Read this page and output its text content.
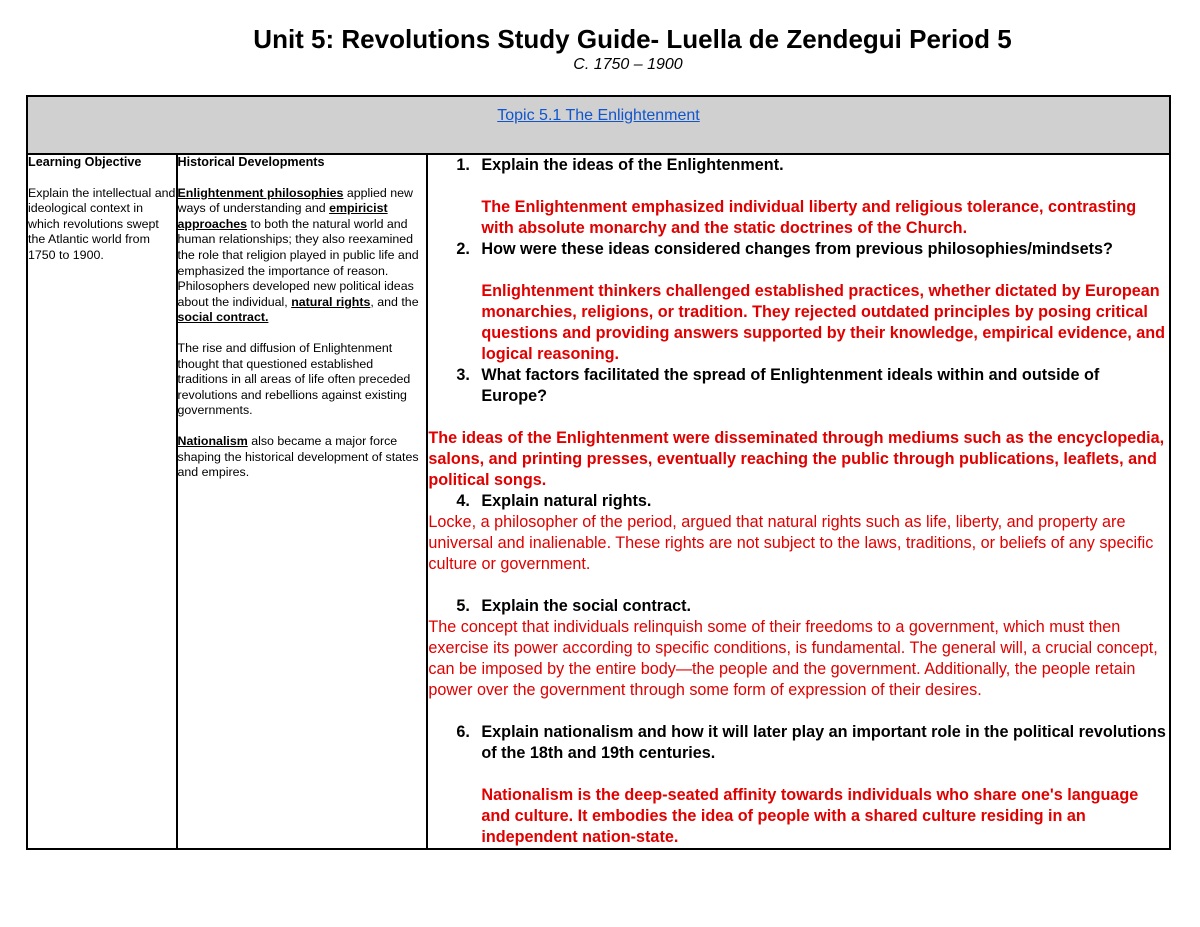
Unit 5: Revolutions Study Guide- Luella de Zendegui Period 5
C. 1750 – 1900
Topic 5.1 The Enlightenment

Learning Objective
Explain the intellectual and ideological context in which revolutions swept the Atlantic world from 1750 to 1900.

Historical Developments

Enlightenment philosophies applied new ways of understanding and empiricist approaches to both the natural world and human relationships; they also reexamined the role that religion played in public life and emphasized the importance of reason. Philosophers developed new political ideas about the individual, natural rights, and the social contract.

The rise and diffusion of Enlightenment thought that questioned established traditions in all areas of life often preceded revolutions and rebellions against existing governments.

Nationalism also became a major force shaping the historical development of states and empires.

1. Explain the ideas of the Enlightenment.
The Enlightenment emphasized individual liberty and religious tolerance, contrasting with absolute monarchy and the static doctrines of the Church.
2. How were these ideas considered changes from previous philosophies/mindsets?
Enlightenment thinkers challenged established practices, whether dictated by European monarchies, religions, or tradition. They rejected outdated principles by posing critical questions and providing answers supported by their knowledge, empirical evidence, and logical reasoning.
3. What factors facilitated the spread of Enlightenment ideals within and outside of Europe?
The ideas of the Enlightenment were disseminated through mediums such as the encyclopedia, salons, and printing presses, eventually reaching the public through publications, leaflets, and political songs.
4. Explain natural rights.
Locke, a philosopher of the period, argued that natural rights such as life, liberty, and property are universal and inalienable. These rights are not subject to the laws, traditions, or beliefs of any specific culture or government.
5. Explain the social contract.
The concept that individuals relinquish some of their freedoms to a government, which must then exercise its power according to specific conditions, is fundamental. The general will, a crucial concept, can be imposed by the entire body—the people and the government. Additionally, the people retain power over the government through some form of expression of their desires.
6. Explain nationalism and how it will later play an important role in the political revolutions of the 18th and 19th centuries.
Nationalism is the deep-seated affinity towards individuals who share one's language and culture. It embodies the idea of people with a shared culture residing in an independent nation-state.
